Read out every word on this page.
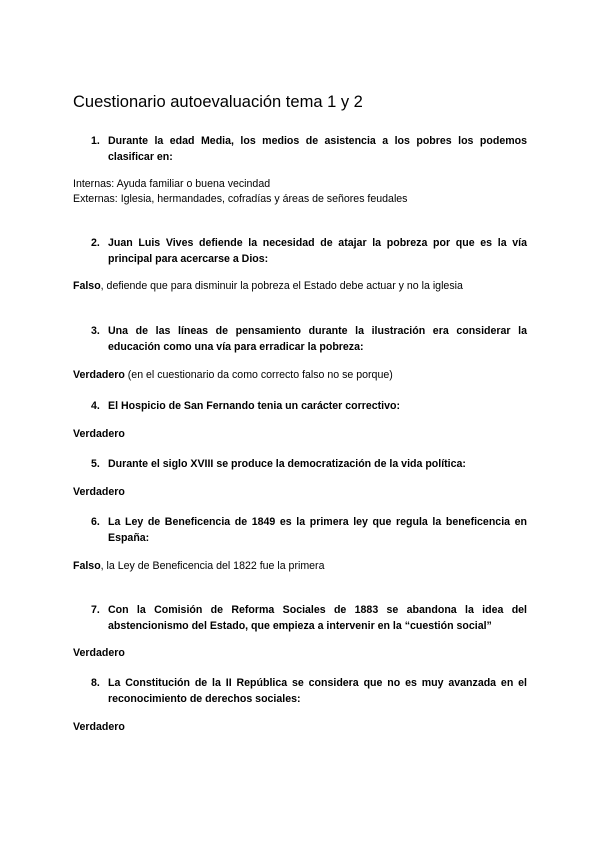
Cuestionario autoevaluación tema 1 y 2
1. Durante la edad Media, los medios de asistencia a los pobres los podemos clasificar en:
Internas: Ayuda familiar o buena vecindad
Externas: Iglesia, hermandades, cofradías y áreas de señores feudales
2. Juan Luis Vives defiende la necesidad de atajar la pobreza por que es la vía principal para acercarse a Dios:
Falso, defiende que para disminuir la pobreza el Estado debe actuar y no la iglesia
3. Una de las líneas de pensamiento durante la ilustración era considerar la educación como una vía para erradicar la pobreza:
Verdadero (en el cuestionario da como correcto falso no se porque)
4. El Hospicio de San Fernando tenia un carácter correctivo:
Verdadero
5. Durante el siglo XVIII se produce la democratización de la vida política:
Verdadero
6. La Ley de Beneficencia de 1849 es la primera ley que regula la beneficencia en España:
Falso, la Ley de Beneficencia del 1822 fue la primera
7. Con la Comisión de Reforma Sociales de 1883 se abandona la idea del abstencionismo del Estado, que empieza a intervenir en la “cuestión social”
Verdadero
8. La Constitución de la II República se considera que no es muy avanzada en el reconocimiento de derechos sociales:
Verdadero
